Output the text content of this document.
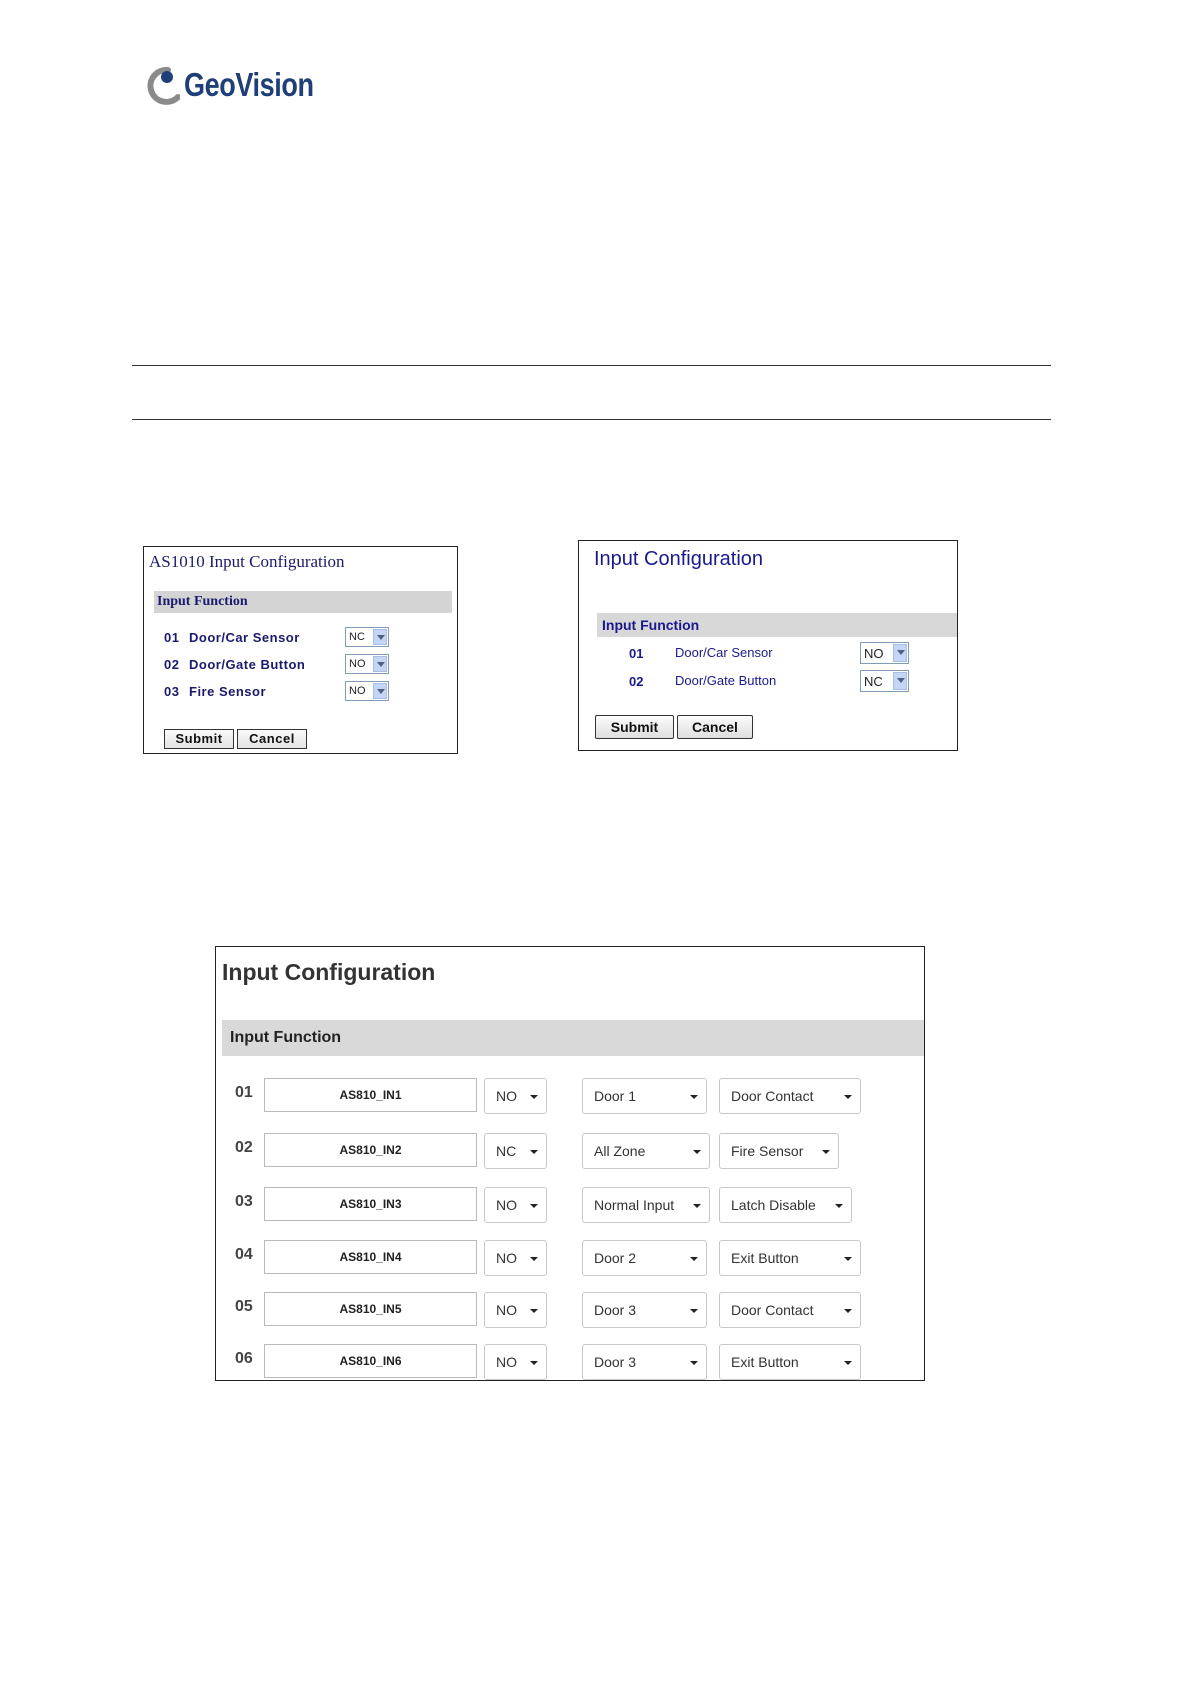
GeoVision
AS1010 Input Configuration
Input Function
01 Door/Car Sensor	NC
02 Door/Gate Button	NO
03 Fire Sensor	NO
Submit	Cancel
Input Configuration
Input Function
01 Door/Car Sensor	NO
02 Door/Gate Button	NC
Submit	Cancel
Input Configuration
Input Function
01	AS810_IN1	NO	Door 1	Door Contact
02	AS810_IN2	NC	All Zone	Fire Sensor
03	AS810_IN3	NO	Normal Input	Latch Disable
04	AS810_IN4	NO	Door 2	Exit Button
05	AS810_IN5	NO	Door 3	Door Contact
06	AS810_IN6	NO	Door 3	Exit Button
